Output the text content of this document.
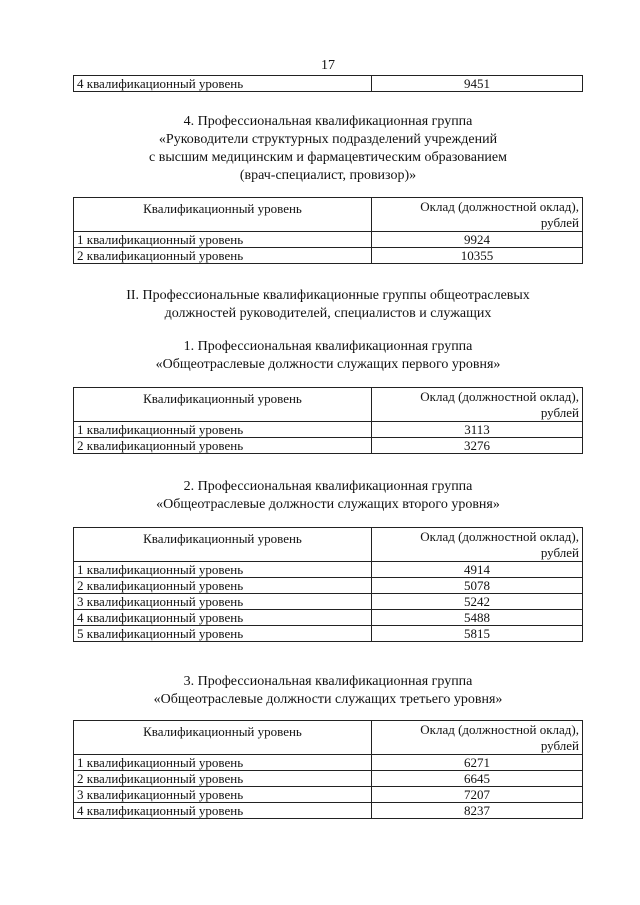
17
4 квалификационный уровень	9451
4. Профессиональная квалификационная группа
«Руководители структурных подразделений учреждений
с высшим медицинским и фармацевтическим образованием
(врач-специалист, провизор)»
Квалификационный уровень	Оклад (должностной оклад),
рублей

1 квалификационный уровень	9924
2 квалификационный уровень	10355
II. Профессиональные квалификационные группы общеотраслевых
должностей руководителей, специалистов и служащих
1. Профессиональная квалификационная группа
«Общеотраслевые должности служащих первого уровня»
Квалификационный уровень	Оклад (должностной оклад),
рублей

1 квалификационный уровень	3113
2 квалификационный уровень	3276
2. Профессиональная квалификационная группа
«Общеотраслевые должности служащих второго уровня»
Квалификационный уровень	Оклад (должностной оклад),
рублей

1 квалификационный уровень	4914
2 квалификационный уровень	5078
3 квалификационный уровень	5242
4 квалификационный уровень	5488
5 квалификационный уровень	5815
3. Профессиональная квалификационная группа
«Общеотраслевые должности служащих третьего уровня»
Квалификационный уровень	Оклад (должностной оклад),
рублей

1 квалификационный уровень	6271
2 квалификационный уровень	6645
3 квалификационный уровень	7207
4 квалификационный уровень	8237
